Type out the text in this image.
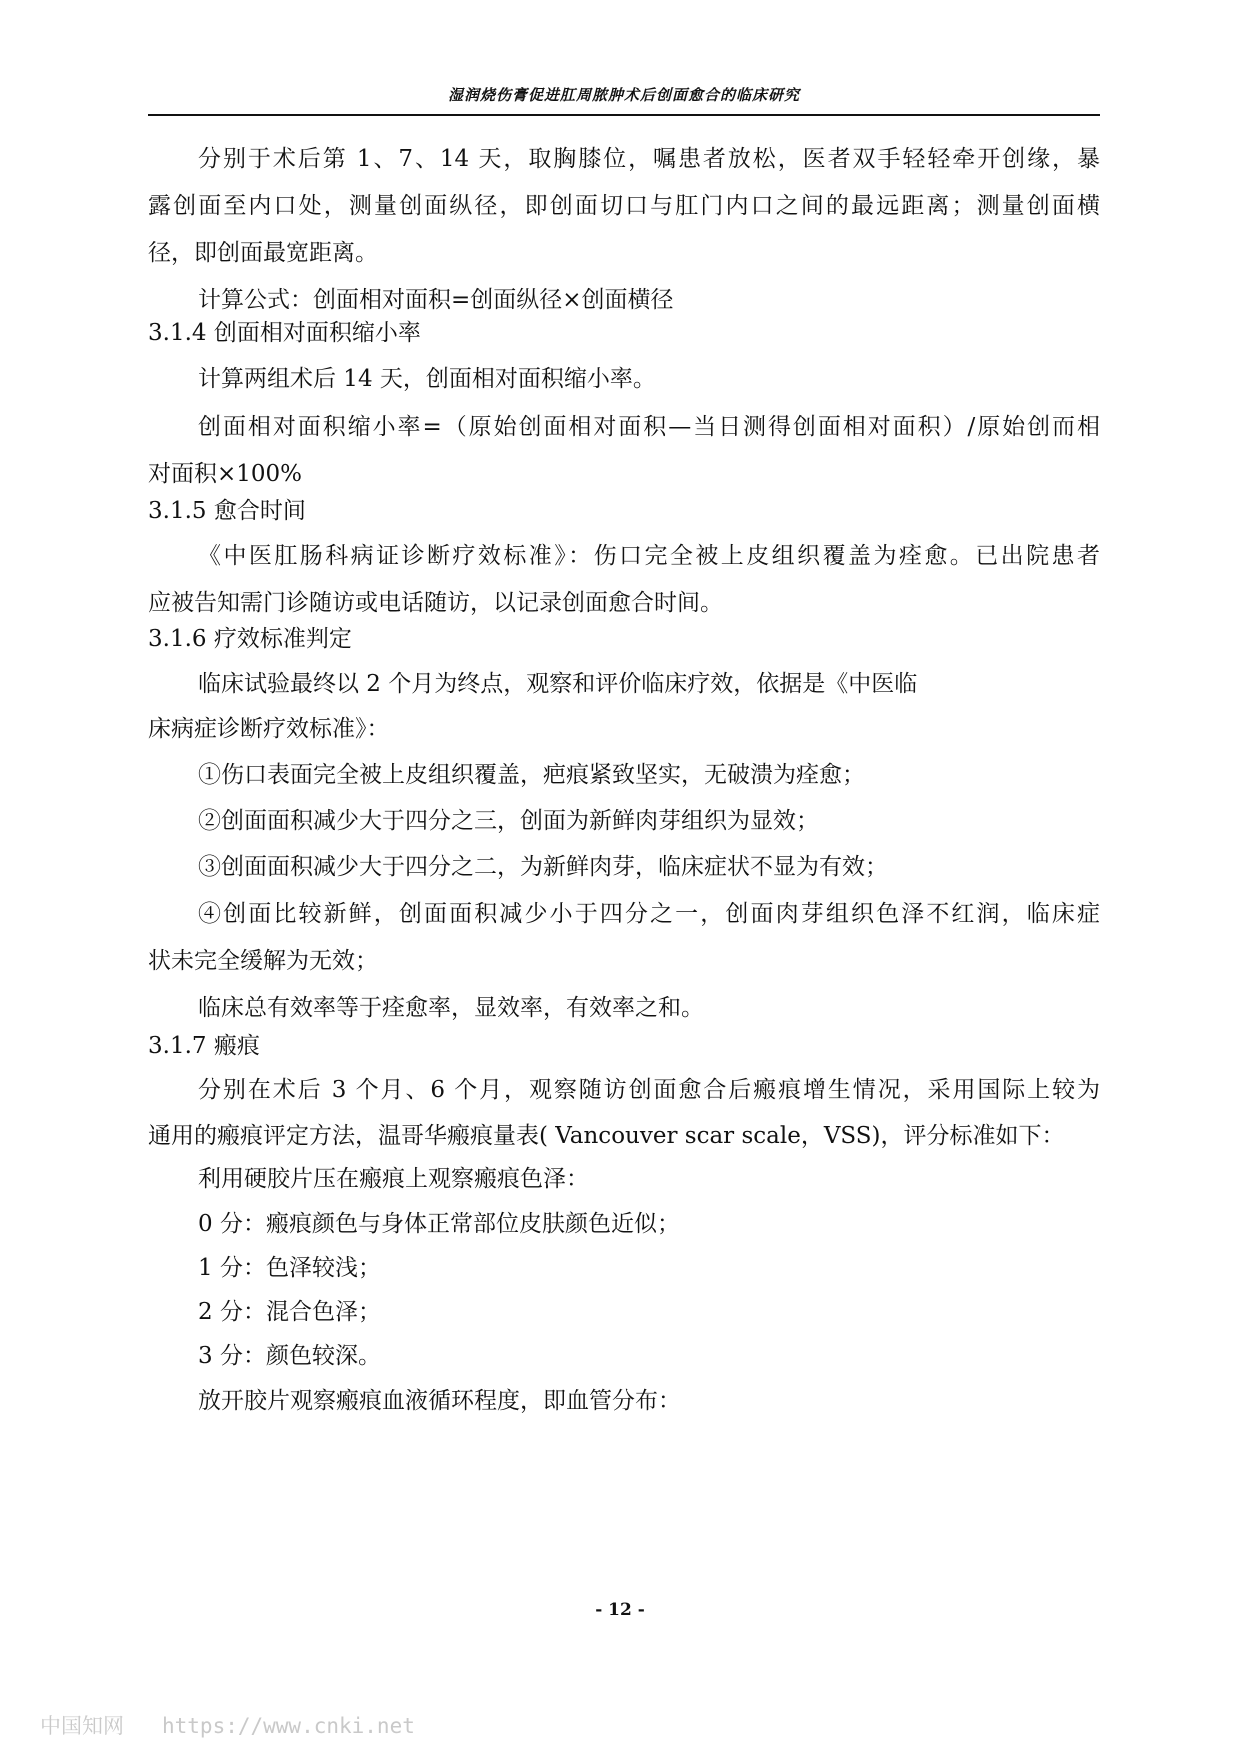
湿润烧伤膏促进肛周脓肿术后创面愈合的临床研究
分别于术后第 1、7、14 天，取胸膝位，嘱患者放松，医者双手轻轻牵开创缘，暴
露创面至内口处，测量创面纵径，即创面切口与肛门内口之间的最远距离；测量创面横
径，即创面最宽距离。
计算公式：创面相对面积=创面纵径×创面横径
3.1.4 创面相对面积缩小率
计算两组术后 14 天，创面相对面积缩小率。
创面相对面积缩小率=（原始创面相对面积—当日测得创面相对面积）/原始创而相
对面积×100%
3.1.5 愈合时间
《中医肛肠科病证诊断疗效标准》：伤口完全被上皮组织覆盖为痊愈。已出院患者
应被告知需门诊随访或电话随访，以记录创面愈合时间。
3.1.6 疗效标准判定
临床试验最终以 2 个月为终点，观察和评价临床疗效，依据是《中医临
床病症诊断疗效标准》：
①伤口表面完全被上皮组织覆盖，疤痕紧致坚实，无破溃为痊愈；
②创面面积减少大于四分之三，创面为新鲜肉芽组织为显效；
③创面面积减少大于四分之二，为新鲜肉芽，临床症状不显为有效；
④创面比较新鲜，创面面积减少小于四分之一，创面肉芽组织色泽不红润，临床症
状未完全缓解为无效；
临床总有效率等于痊愈率，显效率，有效率之和。
3.1.7 瘢痕
分别在术后 3 个月、6 个月，观察随访创面愈合后瘢痕增生情况，采用国际上较为
通用的瘢痕评定方法，温哥华瘢痕量表( Vancouver scar scale，VSS)，评分标准如下：
利用硬胶片压在瘢痕上观察瘢痕色泽：
0 分：瘢痕颜色与身体正常部位皮肤颜色近似；
1 分：色泽较浅；
2 分：混合色泽；
3 分：颜色较深。
放开胶片观察瘢痕血液循环程度，即血管分布：
- 12 -
中国知网 https://www.cnki.net
